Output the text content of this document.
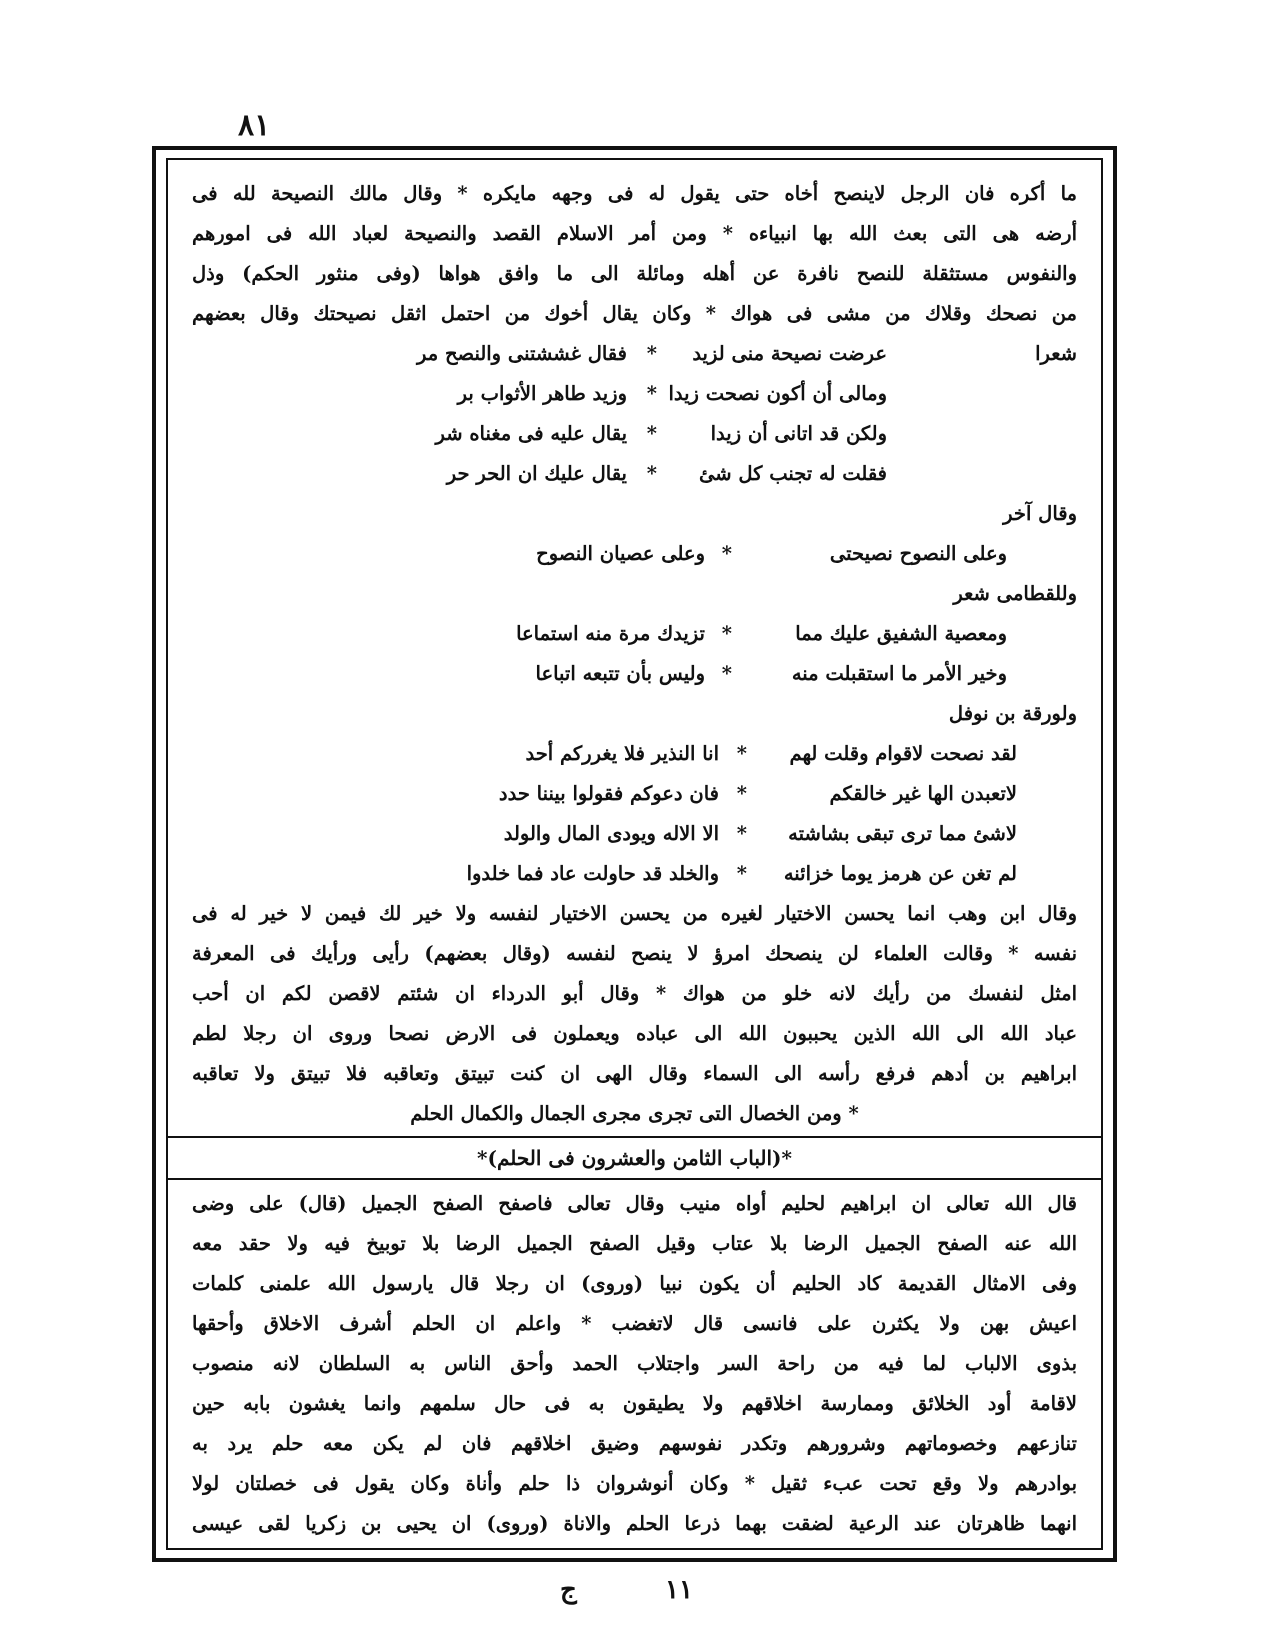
٨١
ما أكره فان الرجل لاينصح أخاه حتى يقول له فى وجهه مايكره * وقال مالك النصيحة لله فى
أرضه هى التى بعث الله بها انبياءه * ومن أمر الاسلام القصد والنصيحة لعباد الله فى امورهم
والنفوس مستثقلة للنصح نافرة عن أهله ومائلة الى ما وافق هواها (وفى منثور الحكم) وذل
من نصحك وقلاك من مشى فى هواك * وكان يقال أخوك من احتمل اثقل نصيحتك وقال بعضهم
شعرا
عرضت نصيحة منى لزيد
*
فقال غششتنى والنصح مر
ومالى أن أكون نصحت زيدا
*
وزيد طاهر الأثواب بر
ولكن قد اتانى أن زيدا
*
يقال عليه فى مغناه شر
فقلت له تجنب كل شئ
*
يقال عليك ان الحر حر
وقال آخر
وعلى النصوح نصيحتى
*
وعلى عصيان النصوح
وللقطامى شعر
ومعصية الشفيق عليك مما
*
تزيدك مرة منه استماعا
وخير الأمر ما استقبلت منه
*
وليس بأن تتبعه اتباعا
ولورقة بن نوفل
لقد نصحت لاقوام وقلت لهم
*
انا النذير فلا يغرركم أحد
لاتعبدن الها غير خالقكم
*
فان دعوكم فقولوا بيننا حدد
لاشئ مما ترى تبقى بشاشته
*
الا الاله ويودى المال والولد
لم تغن عن هرمز يوما خزائنه
*
والخلد قد حاولت عاد فما خلدوا
وقال ابن وهب انما يحسن الاختيار لغيره من يحسن الاختيار لنفسه ولا خير لك فيمن لا خير له فى
نفسه * وقالت العلماء لن ينصحك امرؤ لا ينصح لنفسه (وقال بعضهم) رأيى ورأيك فى المعرفة
امثل لنفسك من رأيك لانه خلو من هواك * وقال أبو الدرداء ان شئتم لاقصن لكم ان أحب
عباد الله الى الله الذين يحببون الله الى عباده ويعملون فى الارض نصحا وروى ان رجلا لطم
ابراهيم بن أدهم فرفع رأسه الى السماء وقال الهى ان كنت تبيتق وتعاقبه فلا تبيتق ولا تعاقبه
* ومن الخصال التى تجرى مجرى الجمال والكمال الحلم
*(الباب الثامن والعشرون فى الحلم)*
قال الله تعالى ان ابراهيم لحليم أواه منيب وقال تعالى فاصفح الصفح الجميل (قال) على وضى
الله عنه الصفح الجميل الرضا بلا عتاب وقيل الصفح الجميل الرضا بلا توبيخ فيه ولا حقد معه
وفى الامثال القديمة كاد الحليم أن يكون نبيا (وروى) ان رجلا قال يارسول الله علمنى كلمات
اعيش بهن ولا يكثرن على فانسى قال لاتغضب * واعلم ان الحلم أشرف الاخلاق وأحقها
بذوى الالباب لما فيه من راحة السر واجتلاب الحمد وأحق الناس به السلطان لانه منصوب
لاقامة أود الخلائق وممارسة اخلاقهم ولا يطيقون به فى حال سلمهم وانما يغشون بابه حين
تنازعهم وخصوماتهم وشرورهم وتكدر نفوسهم وضيق اخلاقهم فان لم يكن معه حلم يرد به
بوادرهم ولا وقع تحت عبء ثقيل * وكان أنوشروان ذا حلم وأناة وكان يقول فى خصلتان لولا
انهما ظاهرتان عند الرعية لضقت بهما ذرعا الحلم والاناة (وروى) ان يحيى بن زكريا لقى عيسى
ج	١١
